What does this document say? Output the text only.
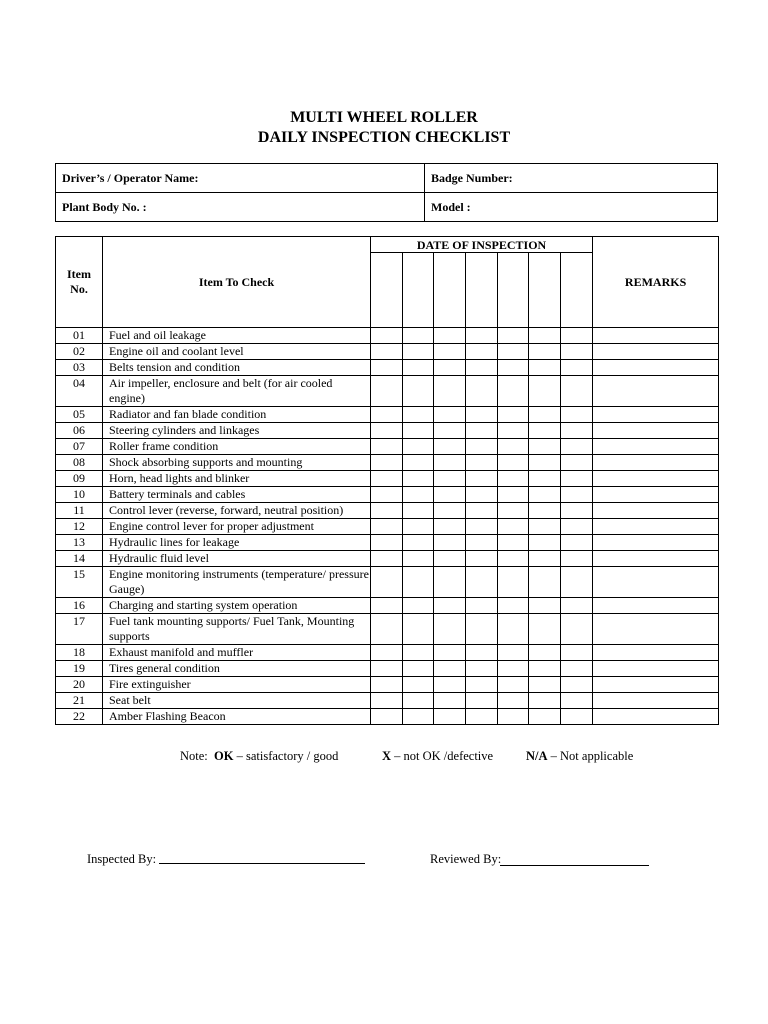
MULTI WHEEL ROLLER
DAILY INSPECTION CHECKLIST
Driver’s / Operator Name:	Badge Number:
Plant Body No. :	Model :
Item No.	Item To Check	DATE OF INSPECTION							REMARKS

01	Fuel and oil leakage								
02	Engine oil and coolant level								
03	Belts tension and condition								
04	Air impeller, enclosure and belt (for air cooled engine)								
05	Radiator and fan blade condition								
06	Steering cylinders and linkages								
07	Roller frame condition								
08	Shock absorbing supports and mounting								
09	Horn, head lights and blinker								
10	Battery terminals and cables								
11	Control lever (reverse, forward, neutral position)								
12	Engine control lever for proper adjustment								
13	Hydraulic lines for leakage								
14	Hydraulic fluid level								
15	Engine monitoring instruments (temperature/ pressure Gauge)								
16	Charging and starting system operation								
17	Fuel tank mounting supports/ Fuel Tank, Mounting supports								
18	Exhaust manifold and muffler								
19	Tires general condition								
20	Fire extinguisher								
21	Seat belt								
22	Amber Flashing Beacon								
Note: OK – satisfactory / good	X – not OK /defective	N/A – Not applicable
Inspected By:	Reviewed By:
